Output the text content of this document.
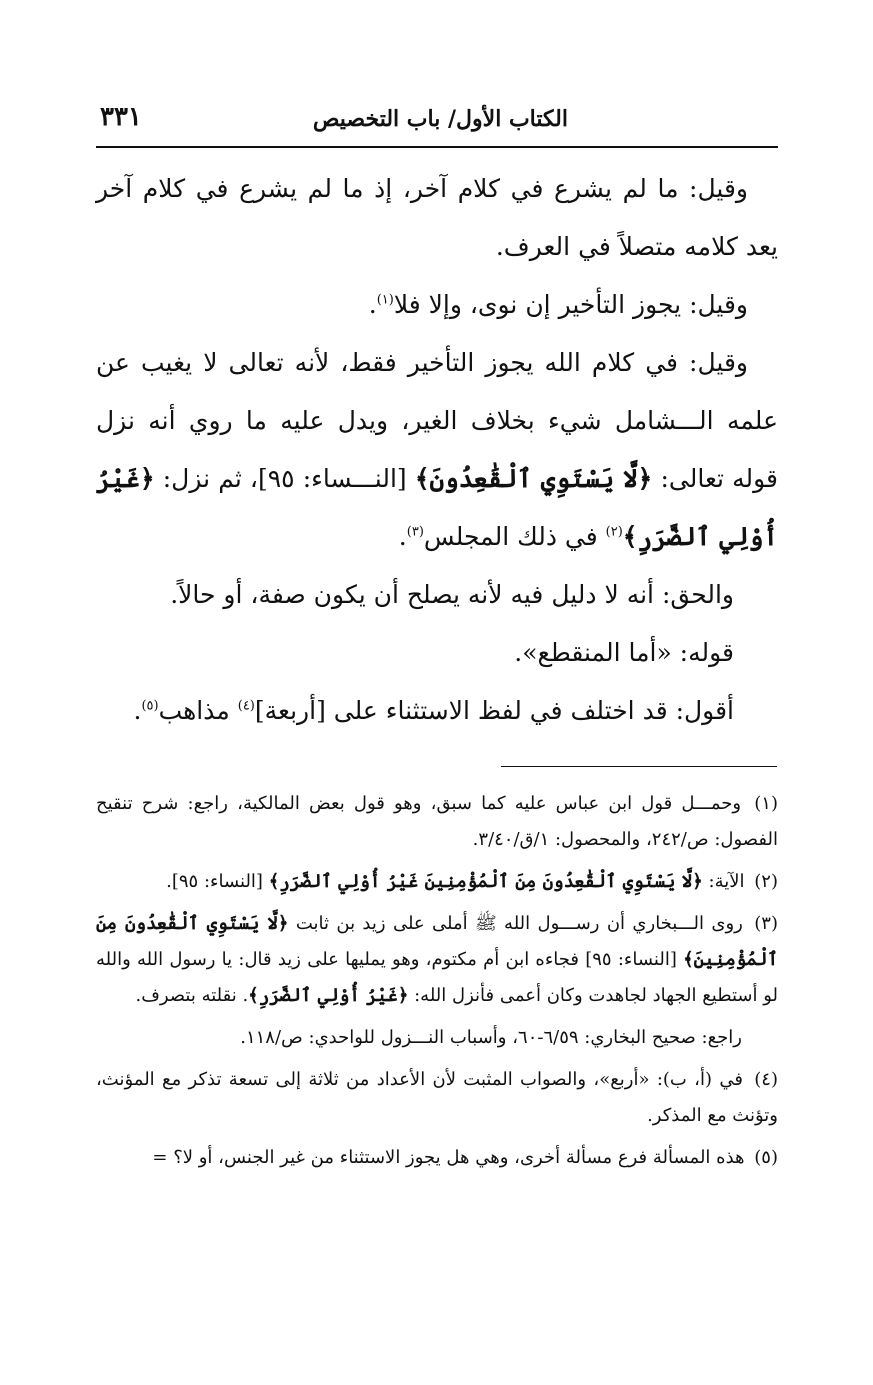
الكتاب الأول/ باب التخصيص
٣٣١

وقيل: ما لم يشرع في كلام آخر، إذ ما لم يشرع في كلام آخر يعد كلامه متصلاً في العرف.

وقيل: يجوز التأخير إن نوى، وإلا فلا$^{(١)}$.

وقيل: في كلام الله يجوز التأخير فقط، لأنه تعالى لا يغيب عن علمه الـــشامل شيء بخلاف الغير، ويدل عليه ما روي أنه نزل قوله تعالى: ﴿لَّا يَسْتَوِي ٱلْقَٰعِدُونَ﴾ [النـــساء: ٩٥]، ثم نزل: ﴿غَيْرُ أُوْلِي ٱلضَّرَرِ﴾$^{(٢)}$ في ذلك المجلس$^{(٣)}$.

والحق: أنه لا دليل فيه لأنه يصلح أن يكون صفة، أو حالاً.

قوله: «أما المنقطع».

أقول: قد اختلف في لفظ الاستثناء على [أربعة]$^{(٤)}$ مذاهب$^{(٥)}$.

(١) وحمـــل قول ابن عباس عليه كما سبق، وهو قول بعض المالكية، راجع: شرح تنقيح الفصول: ص/٢٤٢، والمحصول: ١/ق/٣/٤٠.

(٢) الآية: ﴿لَّا يَسْتَوِي ٱلْقَٰعِدُونَ مِنَ ٱلْمُؤْمِنِينَ غَيْرُ أُوْلِي ٱلضَّرَرِ﴾ [النساء: ٩٥].

(٣) روى الـــبخاري أن رســـول الله ﷺ أملى على زيد بن ثابت ﴿لَّا يَسْتَوِي ٱلْقَٰعِدُونَ مِنَ ٱلْمُؤْمِنِينَ﴾ [النساء: ٩٥] فجاءه ابن أم مكتوم، وهو يمليها على زيد قال: يا رسول الله والله لو أستطيع الجهاد لجاهدت وكان أعمى فأنزل الله: ﴿غَيْرُ أُوْلِي ٱلضَّرَرِ﴾. نقلته بتصرف.

راجع: صحيح البخاري: ٦/٥٩-٦٠، وأسباب النـــزول للواحدي: ص/١١٨.

(٤) في (أ، ب): «أربع»، والصواب المثبت لأن الأعداد من ثلاثة إلى تسعة تذكر مع المؤنث، وتؤنث مع المذكر.

(٥) هذه المسألة فرع مسألة أخرى، وهي هل يجوز الاستثناء من غير الجنس، أو لا؟ =
